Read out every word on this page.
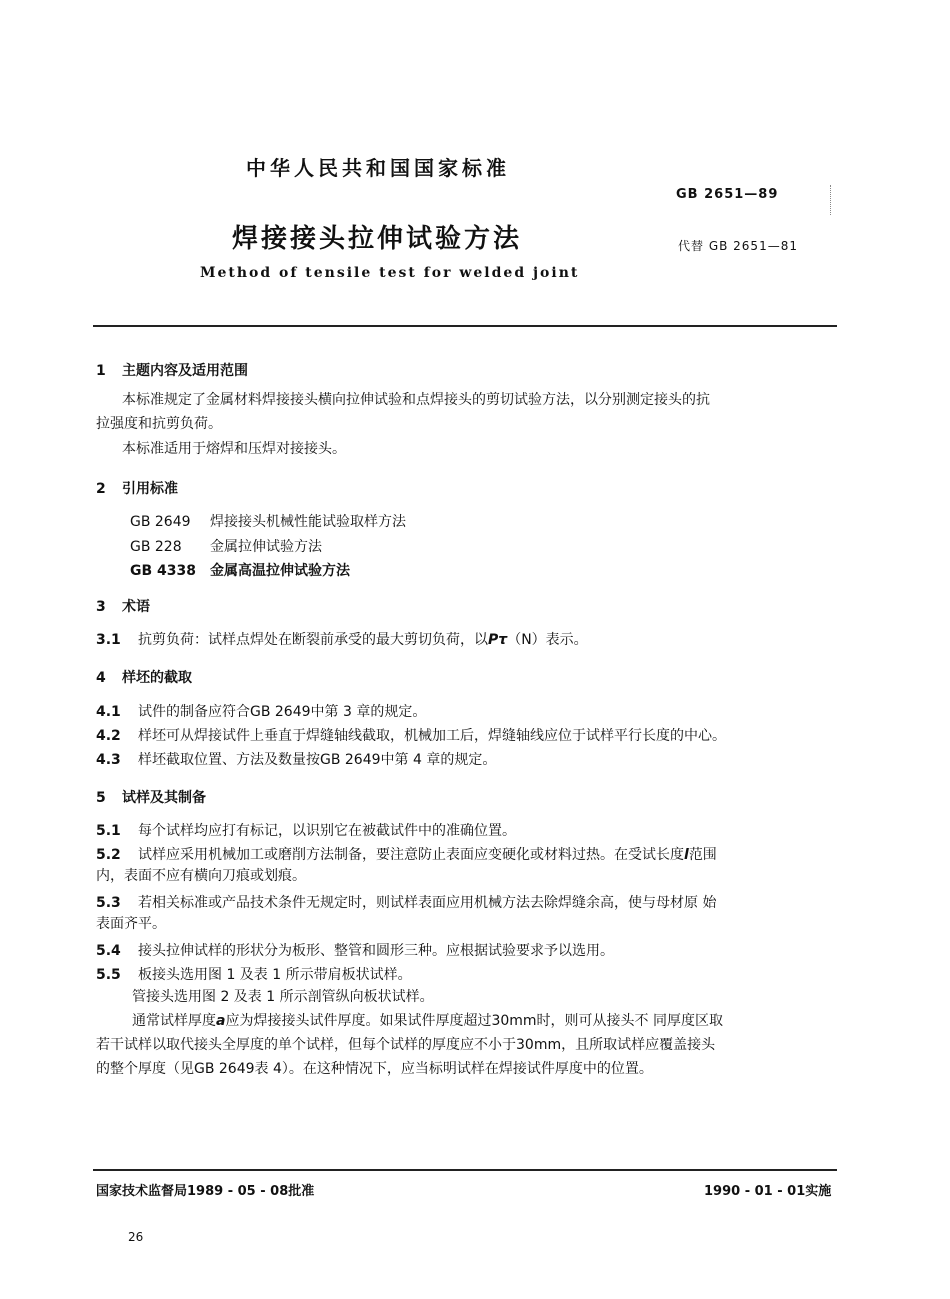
中华人民共和国国家标准
GB 2651—89
焊接接头拉伸试验方法	代替 GB 2651—81
Method of tensile test for welded joint
1 主题内容及适用范围
本标准规定了金属材料焊接接头横向拉伸试验和点焊接头的剪切试验方法，以分别测定接头的抗
拉强度和抗剪负荷。
本标准适用于熔焊和压焊对接接头。
2 引用标准
GB 2649 焊接接头机械性能试验取样方法
GB 228 金属拉伸试验方法
GB 4338 金属高温拉伸试验方法
3 术语
3.1 抗剪负荷：试样点焊处在断裂前承受的最大剪切负荷，以Pτ（N）表示。
4 样坯的截取
4.1 试件的制备应符合GB 2649中第 3 章的规定。
4.2 样坯可从焊接试件上垂直于焊缝轴线截取，机械加工后，焊缝轴线应位于试样平行长度的中心。
4.3 样坯截取位置、方法及数量按GB 2649中第 4 章的规定。
5 试样及其制备
5.1 每个试样均应打有标记，以识别它在被截试件中的准确位置。
5.2 试样应采用机械加工或磨削方法制备，要注意防止表面应变硬化或材料过热。在受试长度l范围
内，表面不应有横向刀痕或划痕。
5.3 若相关标准或产品技术条件无规定时，则试样表面应用机械方法去除焊缝余高，使与母材原 始
表面齐平。
5.4 接头拉伸试样的形状分为板形、整管和圆形三种。应根据试验要求予以选用。
5.5 板接头选用图 1 及表 1 所示带肩板状试样。
管接头选用图 2 及表 1 所示剖管纵向板状试样。
通常试样厚度a应为焊接接头试件厚度。如果试件厚度超过30mm时，则可从接头不 同厚度区取
若干试样以取代接头全厚度的单个试样，但每个试样的厚度应不小于30mm，且所取试样应覆盖接头
的整个厚度（见GB 2649表 4）。在这种情况下，应当标明试样在焊接试件厚度中的位置。
国家技术监督局1989 - 05 - 08批准	1990 - 01 - 01实施
26
